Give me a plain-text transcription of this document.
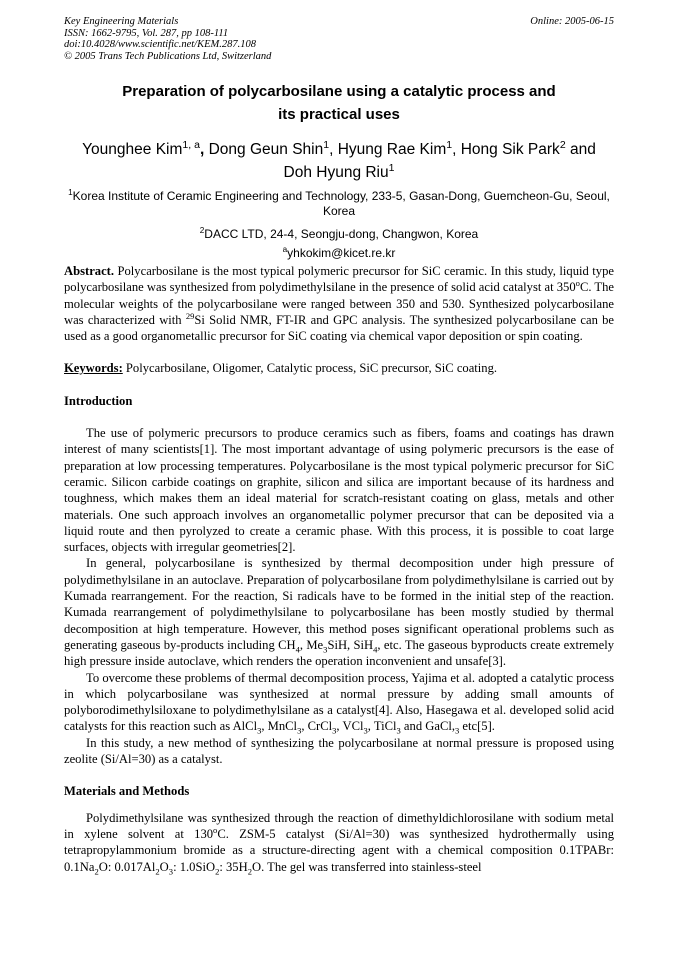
Key Engineering Materials
ISSN: 1662-9795, Vol. 287, pp 108-111
doi:10.4028/www.scientific.net/KEM.287.108
© 2005 Trans Tech Publications Ltd, Switzerland
Online: 2005-06-15
Preparation of polycarbosilane using a catalytic process and
its practical uses
Younghee Kim$^{1, a}$, Dong Geun Shin$^1$, Hyung Rae Kim$^1$, Hong Sik Park$^2$ and
Doh Hyung Riu$^1$
$^1$Korea Institute of Ceramic Engineering and Technology, 233-5, Gasan-Dong, Guemcheon-Gu, Seoul, Korea
$^2$DACC LTD, 24-4, Seongju-dong, Changwon, Korea
$^a$yhkokim@kicet.re.kr

Abstract. Polycarbosilane is the most typical polymeric precursor for SiC ceramic. In this study, liquid type polycarbosilane was synthesized from polydimethylsilane in the presence of solid acid catalyst at 350$^o$C. The molecular weights of the polycarbosilane were ranged between 350 and 530. Synthesized polycarbosilane was characterized with $^{29}$Si Solid NMR, FT-IR and GPC analysis. The synthesized polycarbosilane can be used as a good organometallic precursor for SiC coating via chemical vapor deposition or spin coating.

Keywords: Polycarbosilane, Oligomer, Catalytic process, SiC precursor, SiC coating.

Introduction

The use of polymeric precursors to produce ceramics such as fibers, foams and coatings has drawn interest of many scientists[1]. The most important advantage of using polymeric precursors is the ease of preparation at low processing temperatures. Polycarbosilane is the most typical polymeric precursor for SiC ceramic. Silicon carbide coatings on graphite, silicon and silica are important because of its hardness and toughness, which makes them an ideal material for scratch-resistant coating on glass, metals and other materials. One such approach involves an organometallic polymer precursor that can be deposited via a liquid route and then pyrolyzed to create a ceramic phase. With this process, it is possible to coat large surfaces, objects with irregular geometries[2].

In general, polycarbosilane is synthesized by thermal decomposition under high pressure of polydimethylsilane in an autoclave. Preparation of polycarbosilane from polydimethylsilane is carried out by Kumada rearrangement. For the reaction, Si radicals have to be formed in the initial step of the reaction. Kumada rearrangement of polydimethylsilane to polycarbosilane has been mostly studied by thermal decomposition at high temperature. However, this method poses significant operational problems such as generating gaseous by-products including $CH_4$, $Me_3SiH$, SiH$_4$, etc. The gaseous byproducts create extremely high pressure inside autoclave, which renders the operation inconvenient and unsafe[3].

To overcome these problems of thermal decomposition process, Yajima et al. adopted a catalytic process in which polycarbosilane was synthesized at normal pressure by adding small amounts of polyborodimethylsiloxane to polydimethylsilane as a catalyst[4]. Also, Hasegawa et al. developed solid acid catalysts for this reaction such as AlCl$_3$, MnCl$_3$, CrCl$_3$, VCl$_3$, TiCl$_3$ and $GaCl,_3$ etc[5].

In this study, a new method of synthesizing the polycarbosilane at normal pressure is proposed using zeolite (Si/Al=30) as a catalyst.

Materials and Methods

Polydimethylsilane was synthesized through the reaction of dimethyldichlorosilane with sodium metal in xylene solvent at 130$^o$C. ZSM-5 catalyst (Si/Al=30) was synthesized hydrothermally using tetrapropylammonium bromide as a structure-directing agent with a chemical composition 0.1TPABr: $0.1Na_2O$: $0.017Al_2O_3$: 1.0SiO$_2$: $35H_2O$. The gel was transferred into stainless-steel
